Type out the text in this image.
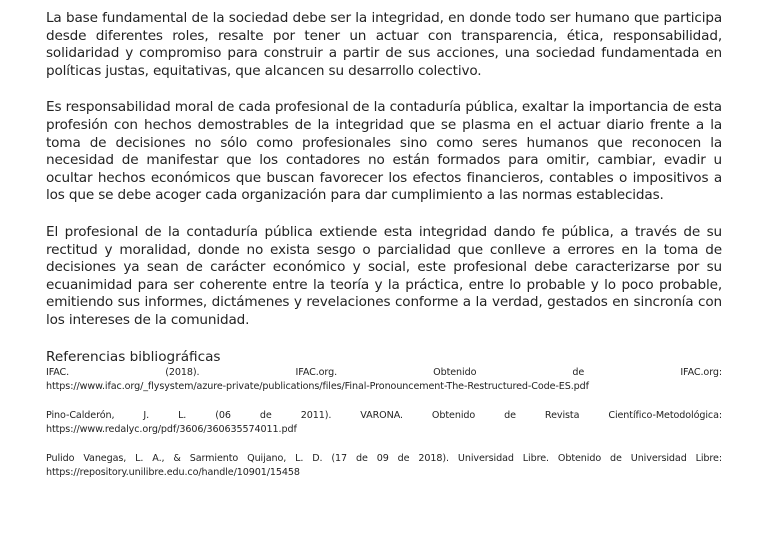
La base fundamental de la sociedad debe ser la integridad, en donde todo ser humano que participa desde diferentes roles, resalte por tener un actuar con transparencia, ética, responsabilidad, solidaridad y compromiso para construir a partir de sus acciones, una sociedad fundamentada en políticas justas, equitativas, que alcancen su desarrollo colectivo.

Es responsabilidad moral de cada profesional de la contaduría pública, exaltar la importancia de esta profesión con hechos demostrables de la integridad que se plasma en el actuar diario frente a la toma de decisiones no sólo como profesionales sino como seres humanos que reconocen la necesidad de manifestar que los contadores no están formados para omitir, cambiar, evadir u ocultar hechos económicos que buscan favorecer los efectos financieros, contables o impositivos a los que se debe acoger cada organización para dar cumplimiento a las normas establecidas.

El profesional de la contaduría pública extiende esta integridad dando fe pública, a través de su rectitud y moralidad, donde no exista sesgo o parcialidad que conlleve a errores en la toma de decisiones ya sean de carácter económico y social, este profesional debe caracterizarse por su ecuanimidad para ser coherente entre la teoría y la práctica, entre lo probable y lo poco probable, emitiendo sus informes, dictámenes y revelaciones conforme a la verdad, gestados en sincronía con los intereses de la comunidad.

Referencias bibliográficas

IFAC. (2018). IFAC.org. Obtenido de IFAC.org:
https://www.ifac.org/_flysystem/azure-private/publications/files/Final-Pronouncement-The-Restructured-Code-ES.pdf

Pino-Calderón, J. L. (06 de 2011). VARONA. Obtenido de Revista Científico-Metodológica:
https://www.redalyc.org/pdf/3606/360635574011.pdf

Pulido Vanegas, L. A., & Sarmiento Quijano, L. D. (17 de 09 de 2018). Universidad Libre. Obtenido de Universidad Libre:
https://repository.unilibre.edu.co/handle/10901/15458
